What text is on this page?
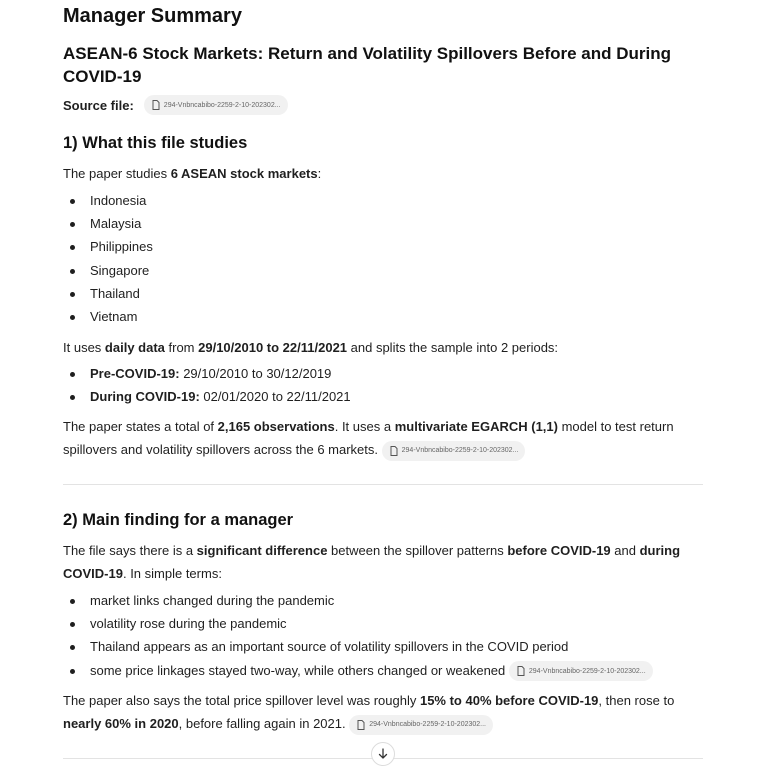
Manager Summary
ASEAN-6 Stock Markets: Return and Volatility Spillovers Before and During COVID-19
Source file:	294-Vnbncabibo-2259-2-10-202302...
1) What this file studies

The paper studies 6 ASEAN stock markets:

Indonesia
Malaysia
Philippines
Singapore
Thailand
Vietnam

It uses daily data from 29/10/2010 to 22/11/2021 and splits the sample into 2 periods:

Pre-COVID-19: 29/10/2010 to 30/12/2019
During COVID-19: 02/01/2020 to 22/11/2021

The paper states a total of 2,165 observations. It uses a multivariate EGARCH (1,1) model to test return spillovers and volatility spillovers across the 6 markets.	294-Vnbncabibo-2259-2-10-202302...

2) Main finding for a manager

The file says there is a significant difference between the spillover patterns before COVID-19 and during COVID-19. In simple terms:

market links changed during the pandemic
volatility rose during the pandemic
Thailand appears as an important source of volatility spillovers in the COVID period
some price linkages stayed two-way, while others changed or weakened	294-Vnbncabibo-2259-2-10-202302...

The paper also says the total price spillover level was roughly 15% to 40% before COVID-19, then rose to nearly 60% in 2020, before falling again in 2021.	294-Vnbncabibo-2259-2-10-202302...
